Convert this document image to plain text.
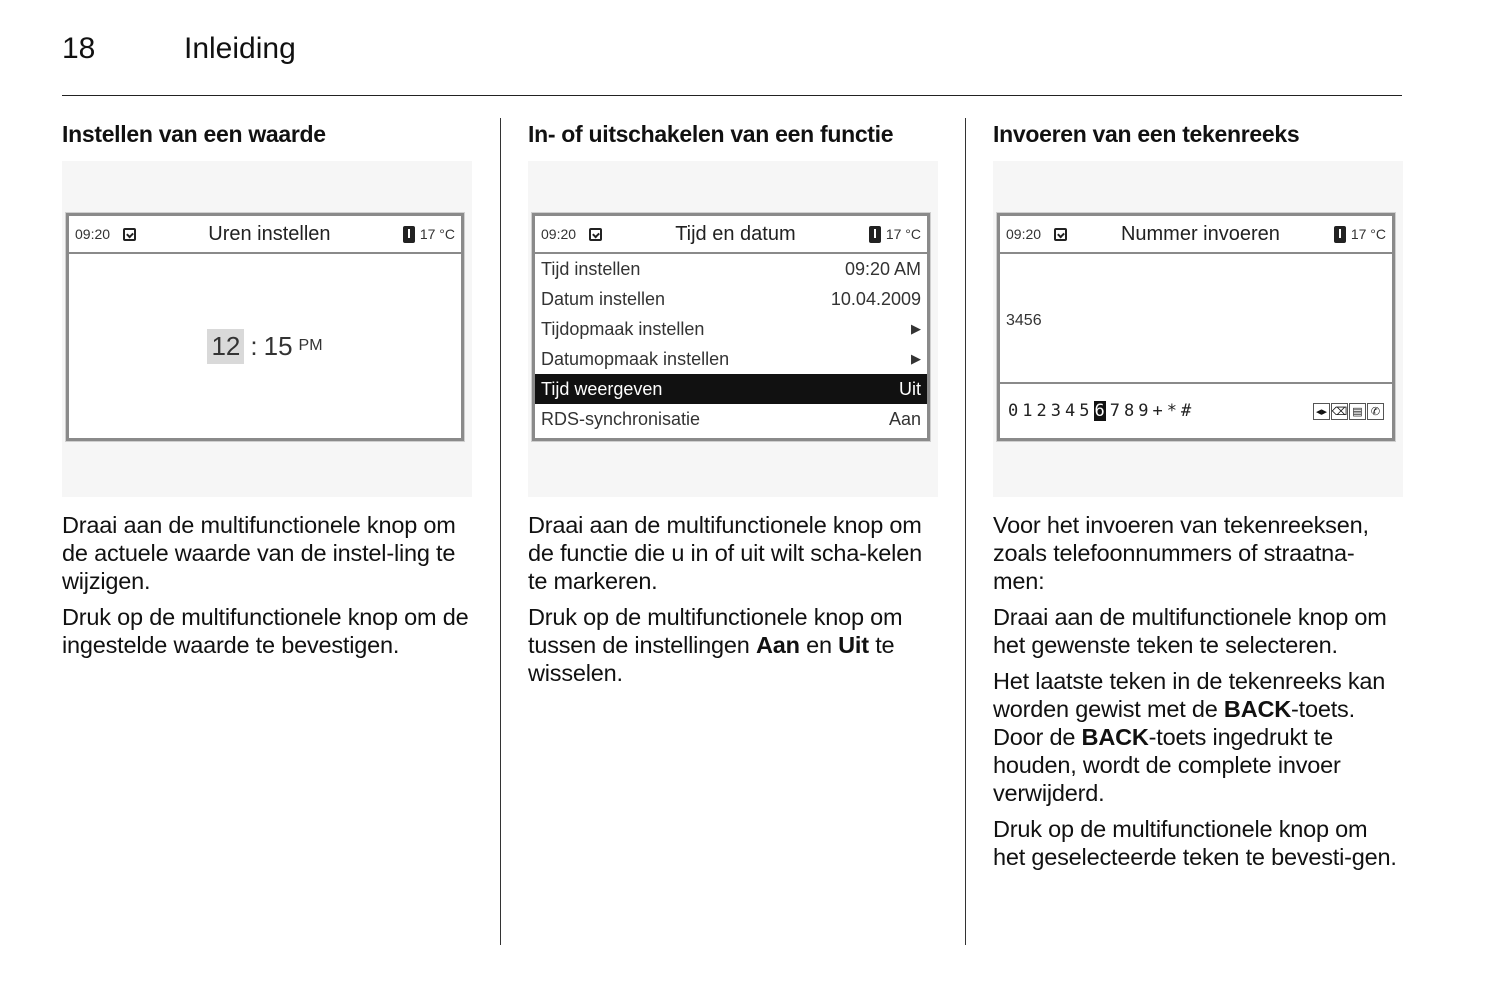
18	Inleiding
Instellen van een waarde
09:20	Uren instellen	17 °C
12 : 15 PM

Draai aan de multifunctionele knop om de actuele waarde van de instel-ling te wijzigen.

Druk op de multifunctionele knop om de ingestelde waarde te bevestigen.

In- of uitschakelen van een functie
09:20	Tijd en datum	17 °C
Tijd instellen	09:20 AM
Datum instellen	10.04.2009
Tijdopmaak instellen	▶
Datumopmaak instellen	▶
Tijd weergeven	Uit
RDS-synchronisatie	Aan

Draai aan de multifunctionele knop om de functie die u in of uit wilt scha-kelen te markeren.

Druk op de multifunctionele knop om tussen de instellingen Aan en Uit te wisselen.

Invoeren van een tekenreeks
09:20	Nummer invoeren	17 °C
3456
0 1 2 3 4 5 6 7 8 9 + * #	◂▸ ⌫ ▤ ✆

Voor het invoeren van tekenreeksen, zoals telefoonnummers of straatna-men:

Draai aan de multifunctionele knop om het gewenste teken te selecteren.

Het laatste teken in de tekenreeks kan worden gewist met de BACK-toets. Door de BACK-toets ingedrukt te houden, wordt de complete invoer verwijderd.

Druk op de multifunctionele knop om het geselecteerde teken te bevesti-gen.
